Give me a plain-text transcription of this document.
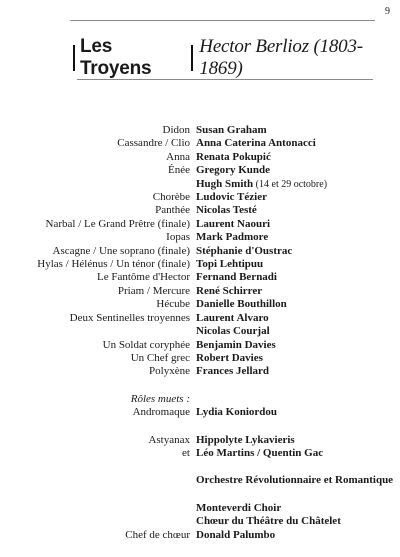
9
Les Troyens
Hector Berlioz (1803-1869)
Didon Susan Graham
Cassandre / Clio Anna Caterina Antonacci
Anna Renata Pokupić
Énée Gregory Kunde
Hugh Smith (14 et 29 octobre)
Chorèbe Ludovic Tézier
Panthée Nicolas Testé
Narbal / Le Grand Prêtre (finale) Laurent Naouri
Iopas Mark Padmore
Ascagne / Une soprano (finale) Stéphanie d'Oustrac
Hylas / Hélénus / Un ténor (finale) Topi Lehtipuu
Le Fantôme d'Hector Fernand Bernadi
Priam / Mercure René Schirrer
Hécube Danielle Bouthillon
Deux Sentinelles troyennes Laurent Alvaro
Nicolas Courjal
Un Soldat coryphée Benjamin Davies
Un Chef grec Robert Davies
Polyxène Frances Jellard
Rôles muets :
Andromaque Lydia Koniordou
Astyanax Hippolyte Lykavieris
et Léo Martins / Quentin Gac
Orchestre Révolutionnaire et Romantique
Monteverdi Choir
Chœur du Théâtre du Châtelet
Chef de chœur Donald Palumbo
